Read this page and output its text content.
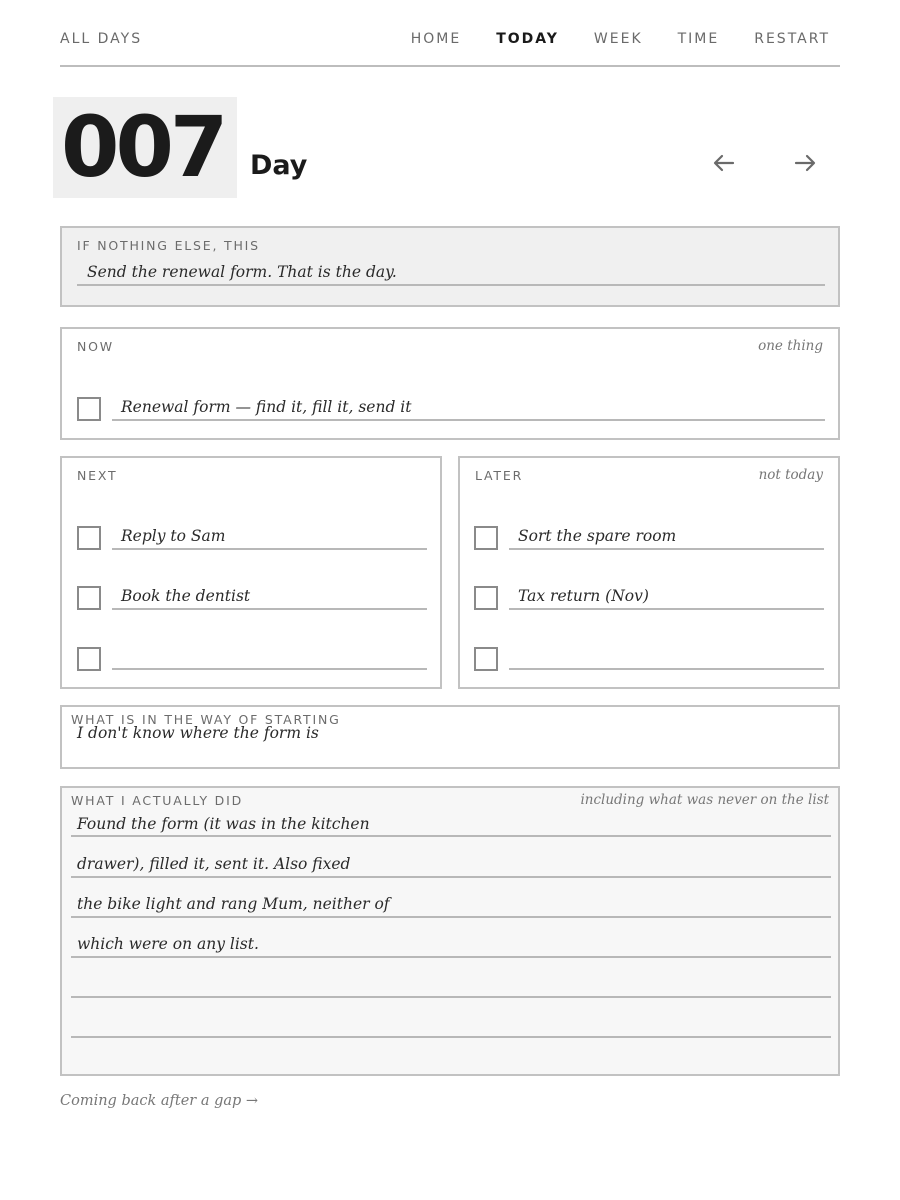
ALL DAYS	HOME	TODAY	WEEK	TIME	RESTART
007 Day
IF NOTHING ELSE, THIS
Send the renewal form. That is the day.
NOW	one thing
Renewal form — find it, fill it, send it
NEXT
Reply to Sam
Book the dentist
LATER	not today
Sort the spare room
Tax return (Nov)
WHAT IS IN THE WAY OF STARTING
I don't know where the form is
WHAT I ACTUALLY DID	including what was never on the list
Found the form (it was in the kitchen
drawer), filled it, sent it. Also fixed
the bike light and rang Mum, neither of
which were on any list.
Coming back after a gap →
